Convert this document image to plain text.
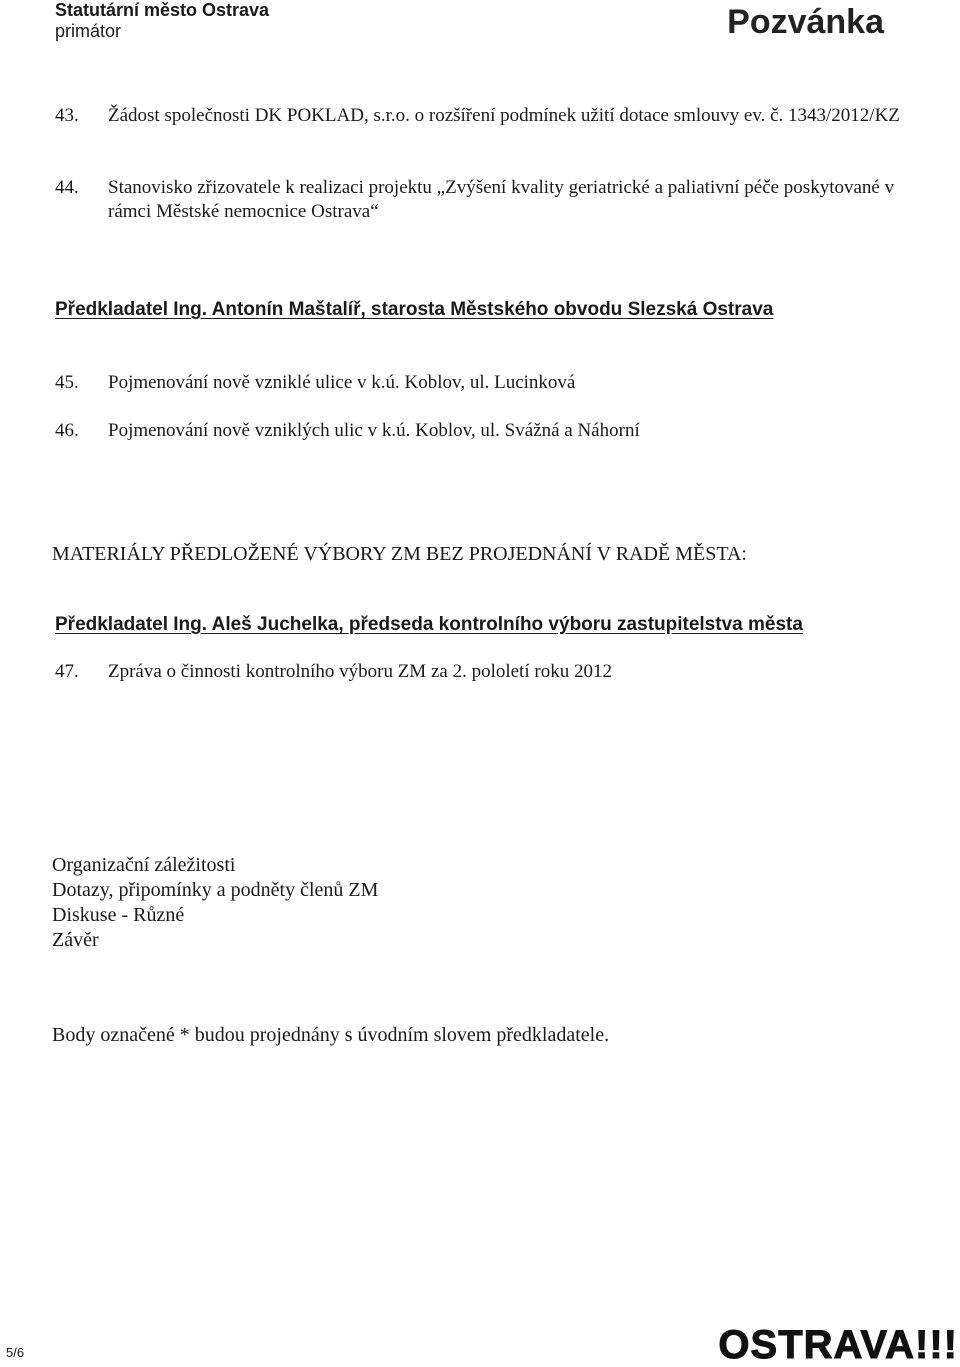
Statutární město Ostrava
primátor	Pozvánka
43. Žádost společnosti DK POKLAD, s.r.o. o rozšíření podmínek užití dotace smlouvy ev. č. 1343/2012/KZ
44. Stanovisko zřizovatele k realizaci projektu „Zvýšení kvality geriatrické a paliativní péče poskytované v rámci Městské nemocnice Ostrava“
Předkladatel Ing. Antonín Maštalíř, starosta Městského obvodu Slezská Ostrava
45. Pojmenování nově vzniklé ulice v k.ú. Koblov, ul. Lucinková
46. Pojmenování nově vzniklých ulic v k.ú. Koblov, ul. Svážná a Náhorní
MATERIÁLY PŘEDLOŽENÉ VÝBORY ZM BEZ PROJEDNÁNÍ V RADĚ MĚSTA:
Předkladatel Ing. Aleš Juchelka, předseda kontrolního výboru zastupitelstva města
47. Zpráva o činnosti kontrolního výboru ZM za 2. pololetí roku 2012
Organizační záležitosti
Dotazy, připomínky a podněty členů ZM
Diskuse - Různé
Závěr
Body označené * budou projednány s úvodním slovem předkladatele.
5/6	OSTRAVA!!!
